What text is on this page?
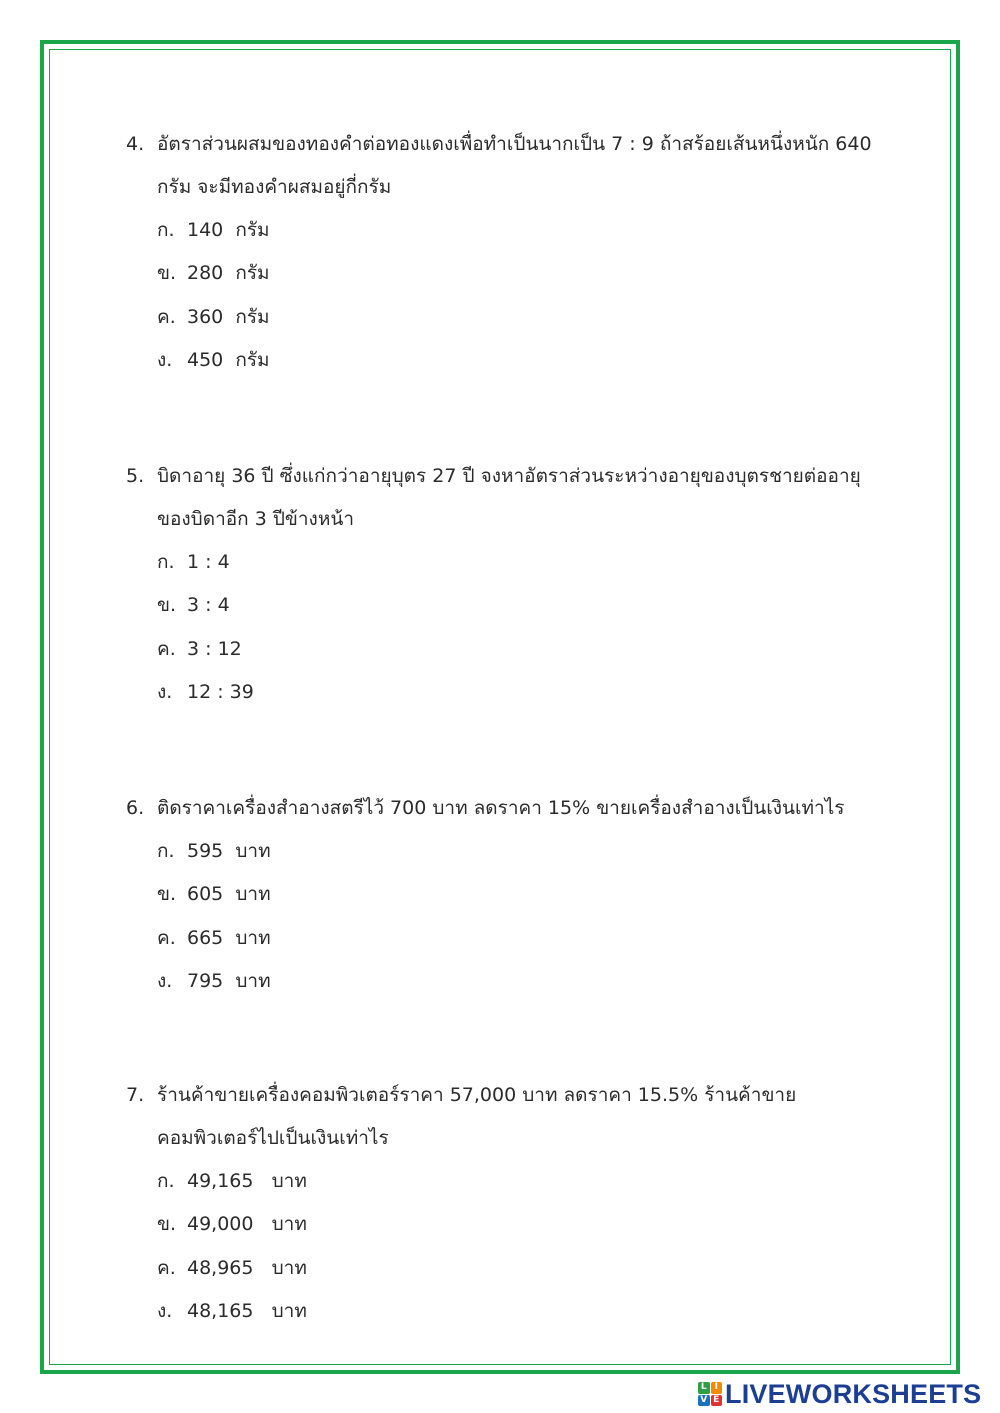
4. อัตราส่วนผสมของทองคำต่อทองแดงเพื่อทำเป็นนากเป็น 7 : 9 ถ้าสร้อยเส้นหนึ่งหนัก 640 กรัม จะมีทองคำผสมอยู่กี่กรัม
ก. 140  กรัม
ข. 280  กรัม
ค. 360  กรัม
ง. 450  กรัม
5. บิดาอายุ 36 ปี ซึ่งแก่กว่าอายุบุตร 27 ปี จงหาอัตราส่วนระหว่างอายุของบุตรชายต่ออายุของบิดาอีก 3 ปีข้างหน้า
ก. 1 : 4
ข. 3 : 4
ค. 3 : 12
ง. 12 : 39
6. ติดราคาเครื่องสำอางสตรีไว้ 700 บาท ลดราคา 15% ขายเครื่องสำอางเป็นเงินเท่าไร
ก. 595  บาท
ข. 605  บาท
ค. 665  บาท
ง. 795  บาท
7. ร้านค้าขายเครื่องคอมพิวเตอร์ราคา 57,000 บาท ลดราคา 15.5% ร้านค้าขายคอมพิวเตอร์ไปเป็นเงินเท่าไร
ก. 49,165   บาท
ข. 49,000   บาท
ค. 48,965   บาท
ง. 48,165   บาท
L I
V E LIVEWORKSHEETS
